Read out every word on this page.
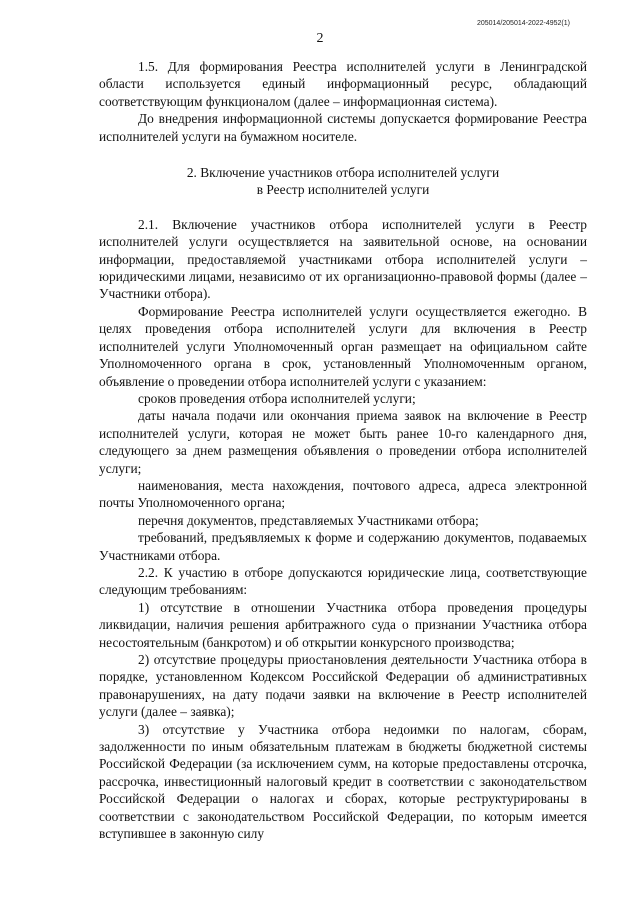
205014/205014-2022-4952(1)
2

1.5. Для формирования Реестра исполнителей услуги в Ленинградской области используется единый информационный ресурс, обладающий соответствующим функционалом (далее – информационная система).

До внедрения информационной системы допускается формирование Реестра исполнителей услуги на бумажном носителе.

2. Включение участников отбора исполнителей услуги
в Реестр исполнителей услуги

2.1. Включение участников отбора исполнителей услуги в Реестр исполнителей услуги осуществляется на заявительной основе, на основании информации, предоставляемой участниками отбора исполнителей услуги – юридическими лицами, независимо от их организационно-правовой формы (далее – Участники отбора).

Формирование Реестра исполнителей услуги осуществляется ежегодно. В целях проведения отбора исполнителей услуги для включения в Реестр исполнителей услуги Уполномоченный орган размещает на официальном сайте Уполномоченного органа в срок, установленный Уполномоченным органом, объявление о проведении отбора исполнителей услуги с указанием:

сроков проведения отбора исполнителей услуги;

даты начала подачи или окончания приема заявок на включение в Реестр исполнителей услуги, которая не может быть ранее 10-го календарного дня, следующего за днем размещения объявления о проведении отбора исполнителей услуги;

наименования, места нахождения, почтового адреса, адреса электронной почты Уполномоченного органа;

перечня документов, представляемых Участниками отбора;

требований, предъявляемых к форме и содержанию документов, подаваемых Участниками отбора.

2.2. К участию в отборе допускаются юридические лица, соответствующие следующим требованиям:

1) отсутствие в отношении Участника отбора проведения процедуры ликвидации, наличия решения арбитражного суда о признании Участника отбора несостоятельным (банкротом) и об открытии конкурсного производства;

2) отсутствие процедуры приостановления деятельности Участника отбора в порядке, установленном Кодексом Российской Федерации об административных правонарушениях, на дату подачи заявки на включение в Реестр исполнителей услуги (далее – заявка);

3) отсутствие у Участника отбора недоимки по налогам, сборам, задолженности по иным обязательным платежам в бюджеты бюджетной системы Российской Федерации (за исключением сумм, на которые предоставлены отсрочка, рассрочка, инвестиционный налоговый кредит в соответствии с законодательством Российской Федерации о налогах и сборах, которые реструктурированы в соответствии с законодательством Российской Федерации, по которым имеется вступившее в законную силу
